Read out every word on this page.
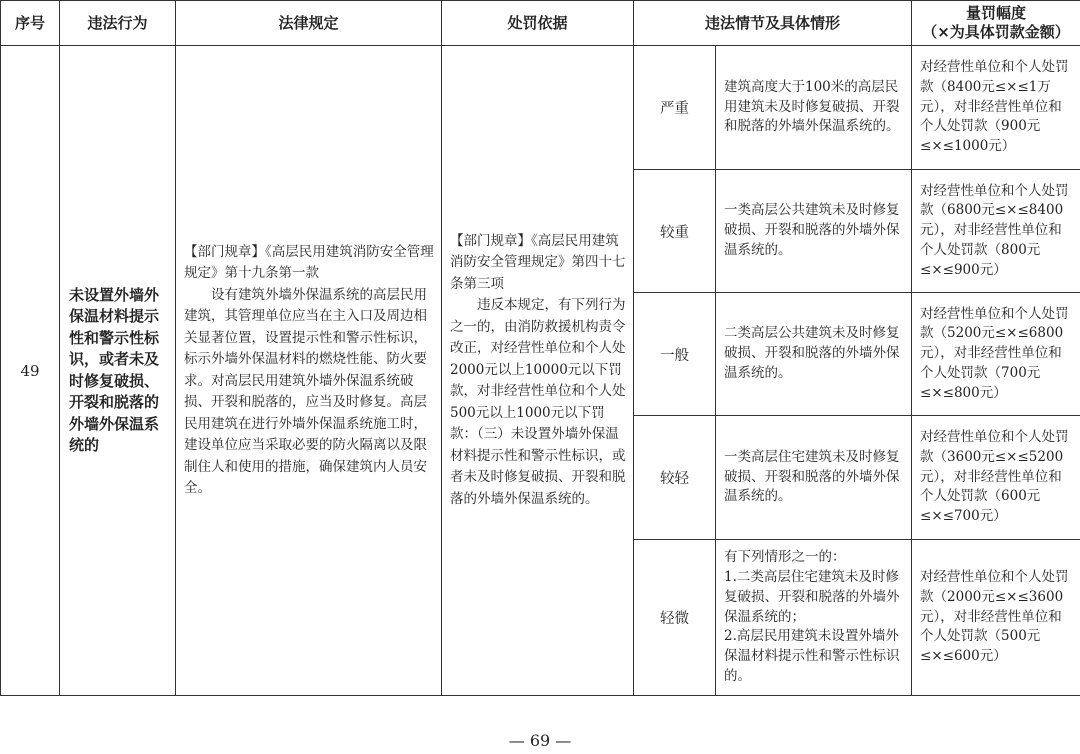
序号	违法行为	法律规定	处罚依据	违法情节及具体情形		量罚幅度
（×为具体罚款金额）

49	未设置外墙外保温材料提示性和警示性标识，或者未及时修复破损、开裂和脱落的外墙外保温系统的	【部门规章】《高层民用建筑消防安全管理规定》第十九条第一款
设有建筑外墙外保温系统的高层民用建筑，其管理单位应当在主入口及周边相关显著位置，设置提示性和警示性标识，标示外墙外保温材料的燃烧性能、防火要求。对高层民用建筑外墙外保温系统破损、开裂和脱落的，应当及时修复。高层民用建筑在进行外墙外保温系统施工时，建设单位应当采取必要的防火隔离以及限制住人和使用的措施，确保建筑内人员安全。	【部门规章】《高层民用建筑消防安全管理规定》第四十七条第三项
违反本规定，有下列行为之一的，由消防救援机构责令改正，对经营性单位和个人处2000元以上10000元以下罚款，对非经营性单位和个人处500元以上1000元以下罚款：（三）未设置外墙外保温材料提示性和警示性标识，或者未及时修复破损、开裂和脱落的外墙外保温系统的。	严重	建筑高度大于100米的高层民用建筑未及时修复破损、开裂和脱落的外墙外保温系统的。	对经营性单位和个人处罚款（8400元≤×≤1万元），对非经营性单位和个人处罚款（900元≤×≤1000元）
				较重	一类高层公共建筑未及时修复破损、开裂和脱落的外墙外保温系统的。	对经营性单位和个人处罚款（6800元≤×≤8400元），对非经营性单位和个人处罚款（800元≤×≤900元）
				一般	二类高层公共建筑未及时修复破损、开裂和脱落的外墙外保温系统的。	对经营性单位和个人处罚款（5200元≤×≤6800元），对非经营性单位和个人处罚款（700元≤×≤800元）
				较轻	一类高层住宅建筑未及时修复破损、开裂和脱落的外墙外保温系统的。	对经营性单位和个人处罚款（3600元≤×≤5200元），对非经营性单位和个人处罚款（600元≤×≤700元）
				轻微	有下列情形之一的：
1.二类高层住宅建筑未及时修复破损、开裂和脱落的外墙外保温系统的；
2.高层民用建筑未设置外墙外保温材料提示性和警示性标识的。	对经营性单位和个人处罚款（2000元≤×≤3600元），对非经营性单位和个人处罚款（500元≤×≤600元）
— 69 —
